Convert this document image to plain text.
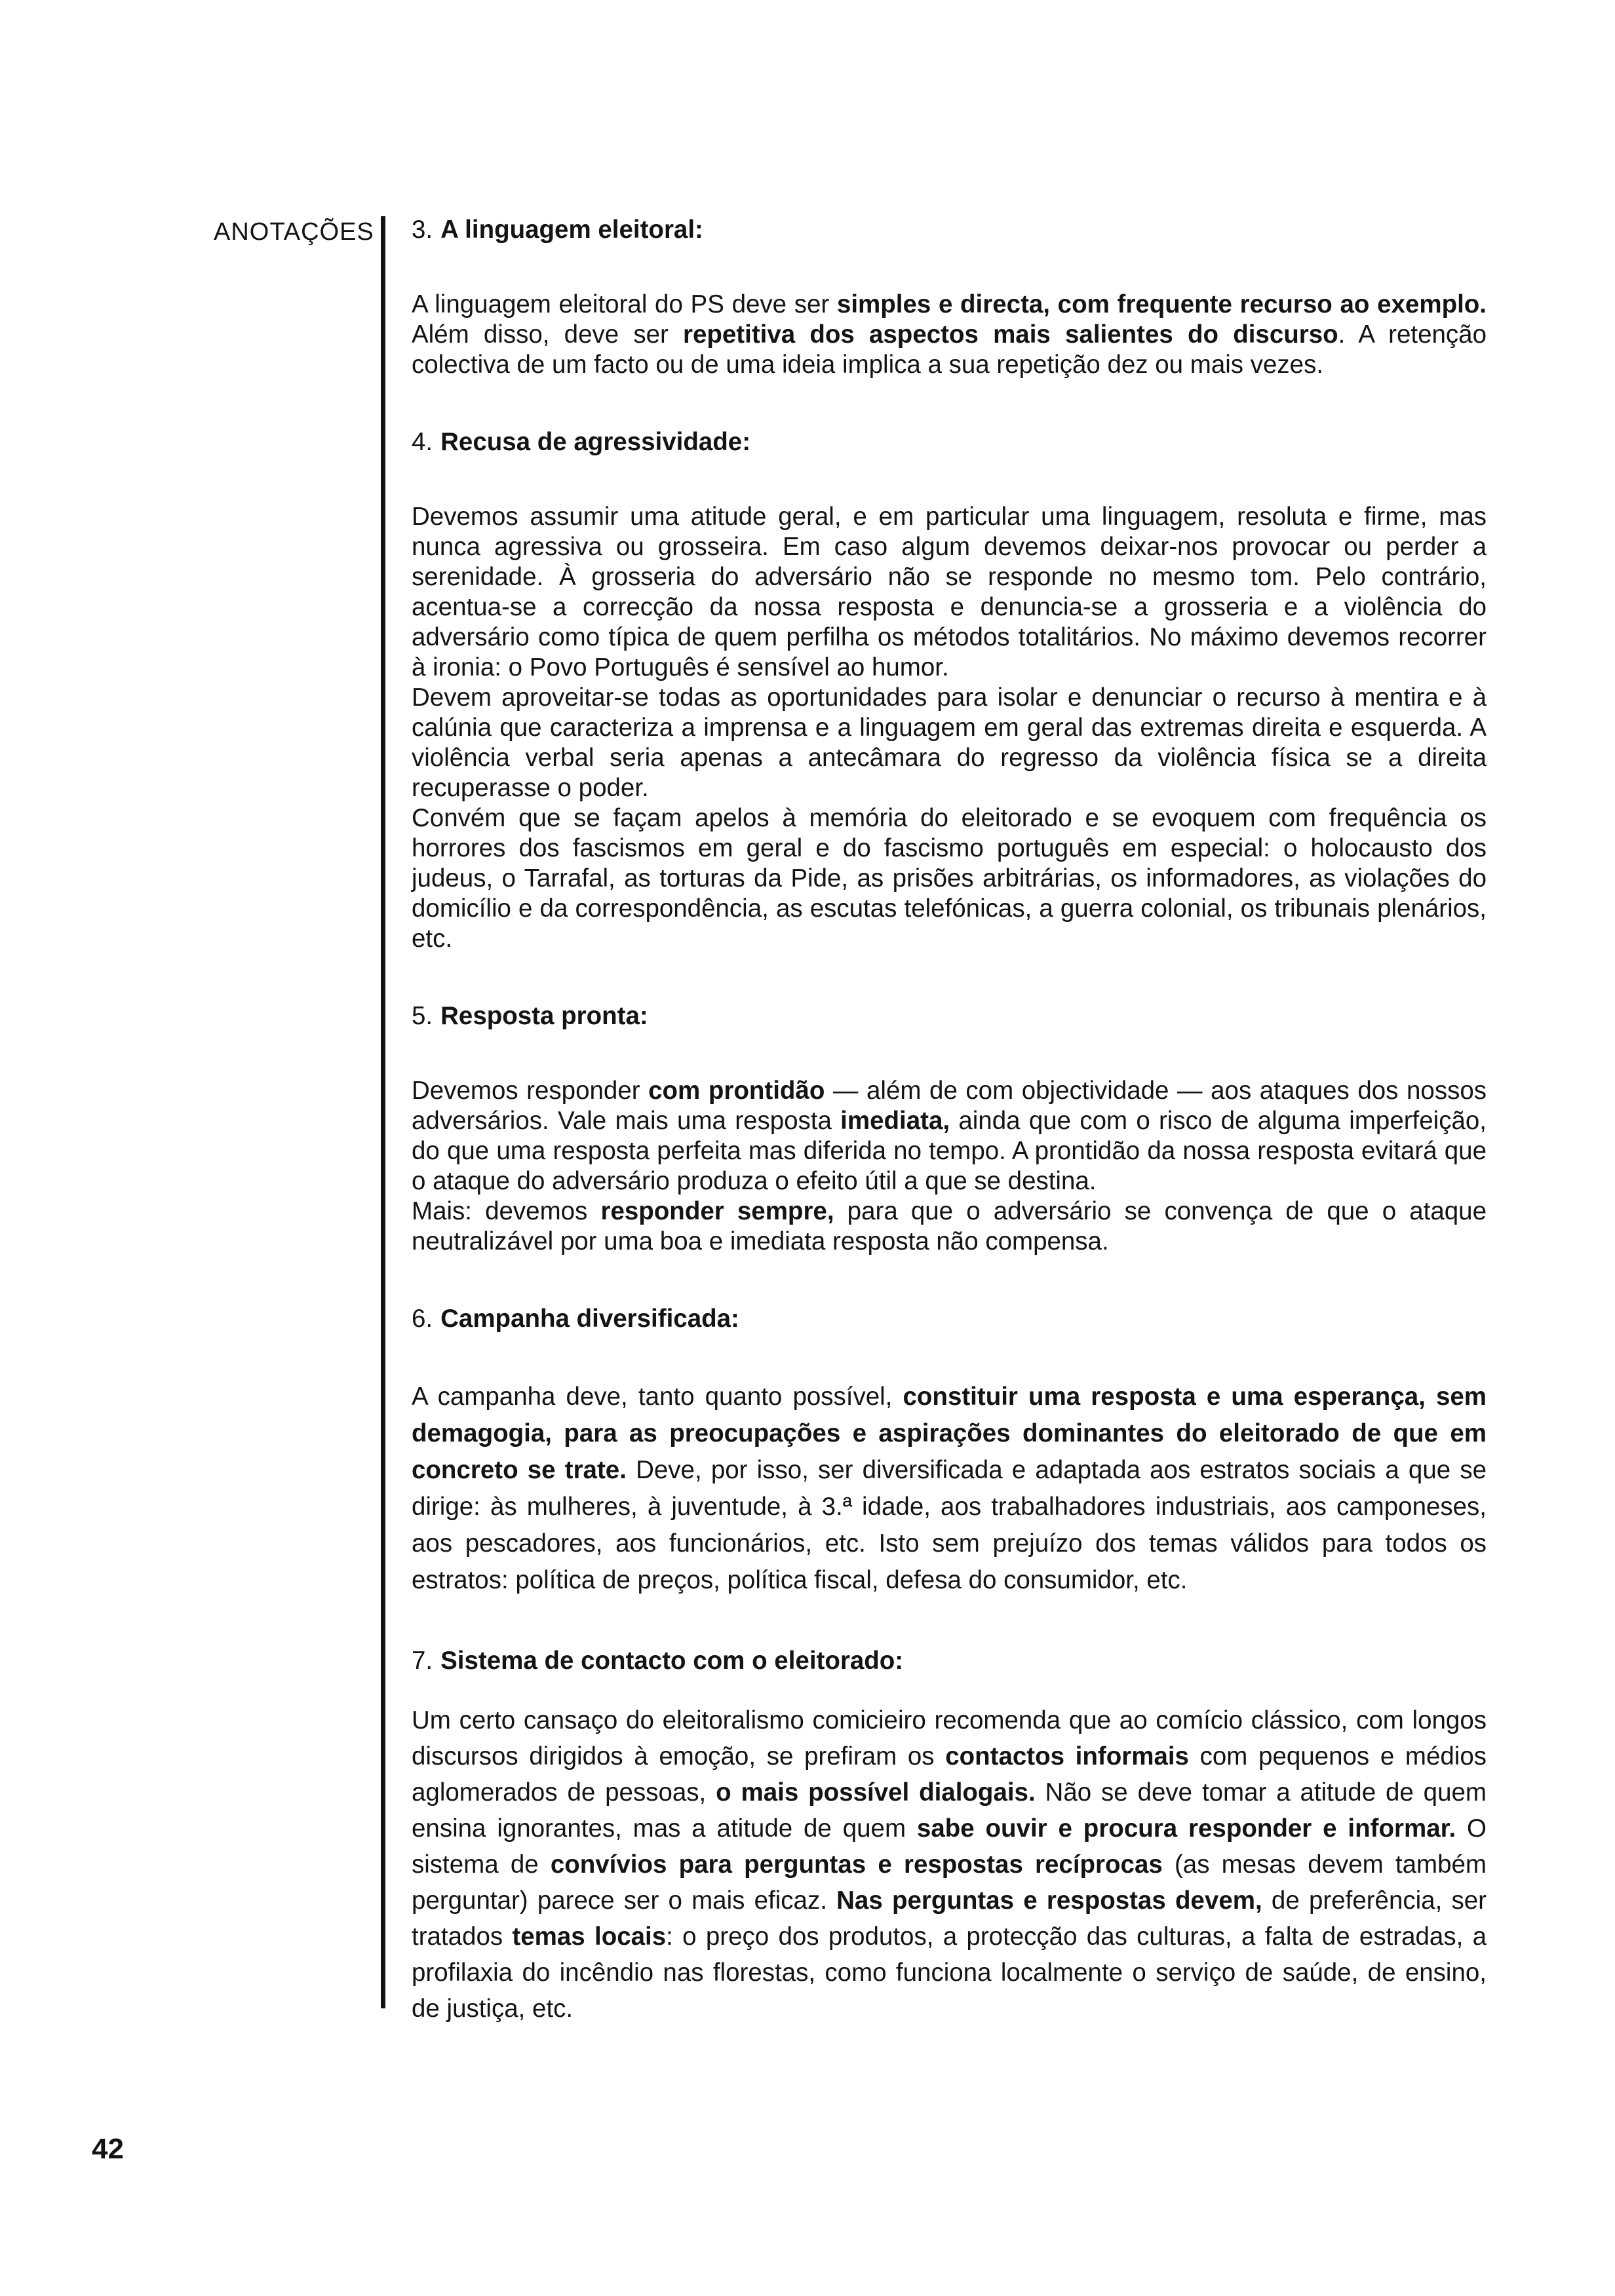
ANOTAÇÕES 3. A linguagem eleitoral:

A linguagem eleitoral do PS deve ser simples e directa, com frequente recurso ao exemplo. Além disso, deve ser repetitiva dos aspectos mais salientes do discurso. A retenção colectiva de um facto ou de uma ideia implica a sua repetição dez ou mais vezes.

4. Recusa de agressividade:

Devemos assumir uma atitude geral, e em particular uma linguagem, resoluta e firme, mas nunca agressiva ou grosseira. Em caso algum devemos deixar-nos provocar ou perder a serenidade. À grosseria do adversário não se responde no mesmo tom. Pelo contrário, acentua-se a correcção da nossa resposta e denuncia-se a grosseria e a violência do adversário como típica de quem perfilha os métodos totalitários. No máximo devemos recorrer à ironia: o Povo Português é sensível ao humor.

Devem aproveitar-se todas as oportunidades para isolar e denunciar o recurso à mentira e à calúnia que caracteriza a imprensa e a linguagem em geral das extremas direita e esquerda. A violência verbal seria apenas a antecâmara do regresso da violência física se a direita recuperasse o poder.

Convém que se façam apelos à memória do eleitorado e se evoquem com frequência os horrores dos fascismos em geral e do fascismo português em especial: o holocausto dos judeus, o Tarrafal, as torturas da Pide, as prisões arbitrárias, os informadores, as violações do domicílio e da correspondência, as escutas telefónicas, a guerra colonial, os tribunais plenários, etc.

5. Resposta pronta:

Devemos responder com prontidão — além de com objectividade — aos ataques dos nossos adversários. Vale mais uma resposta imediata, ainda que com o risco de alguma imperfeição, do que uma resposta perfeita mas diferida no tempo. A prontidão da nossa resposta evitará que o ataque do adversário produza o efeito útil a que se destina.

Mais: devemos responder sempre, para que o adversário se convença de que o ataque neutralizável por uma boa e imediata resposta não compensa.

6. Campanha diversificada:

A campanha deve, tanto quanto possível, constituir uma resposta e uma esperança, sem demagogia, para as preocupações e aspirações dominantes do eleitorado de que em concreto se trate. Deve, por isso, ser diversificada e adaptada aos estratos sociais a que se dirige: às mulheres, à juventude, à 3.ª idade, aos trabalhadores industriais, aos camponeses, aos pescadores, aos funcionários, etc. Isto sem prejuízo dos temas válidos para todos os estratos: política de preços, política fiscal, defesa do consumidor, etc.

7. Sistema de contacto com o eleitorado:

Um certo cansaço do eleitoralismo comicieiro recomenda que ao comício clássico, com longos discursos dirigidos à emoção, se prefiram os contactos informais com pequenos e médios aglomerados de pessoas, o mais possível dialogais. Não se deve tomar a atitude de quem ensina ignorantes, mas a atitude de quem sabe ouvir e procura responder e informar. O sistema de convívios para perguntas e respostas recíprocas (as mesas devem também perguntar) parece ser o mais eficaz. Nas perguntas e respostas devem, de preferência, ser tratados temas locais: o preço dos produtos, a protecção das culturas, a falta de estradas, a profilaxia do incêndio nas florestas, como funciona localmente o serviço de saúde, de ensino, de justiça, etc.

42
